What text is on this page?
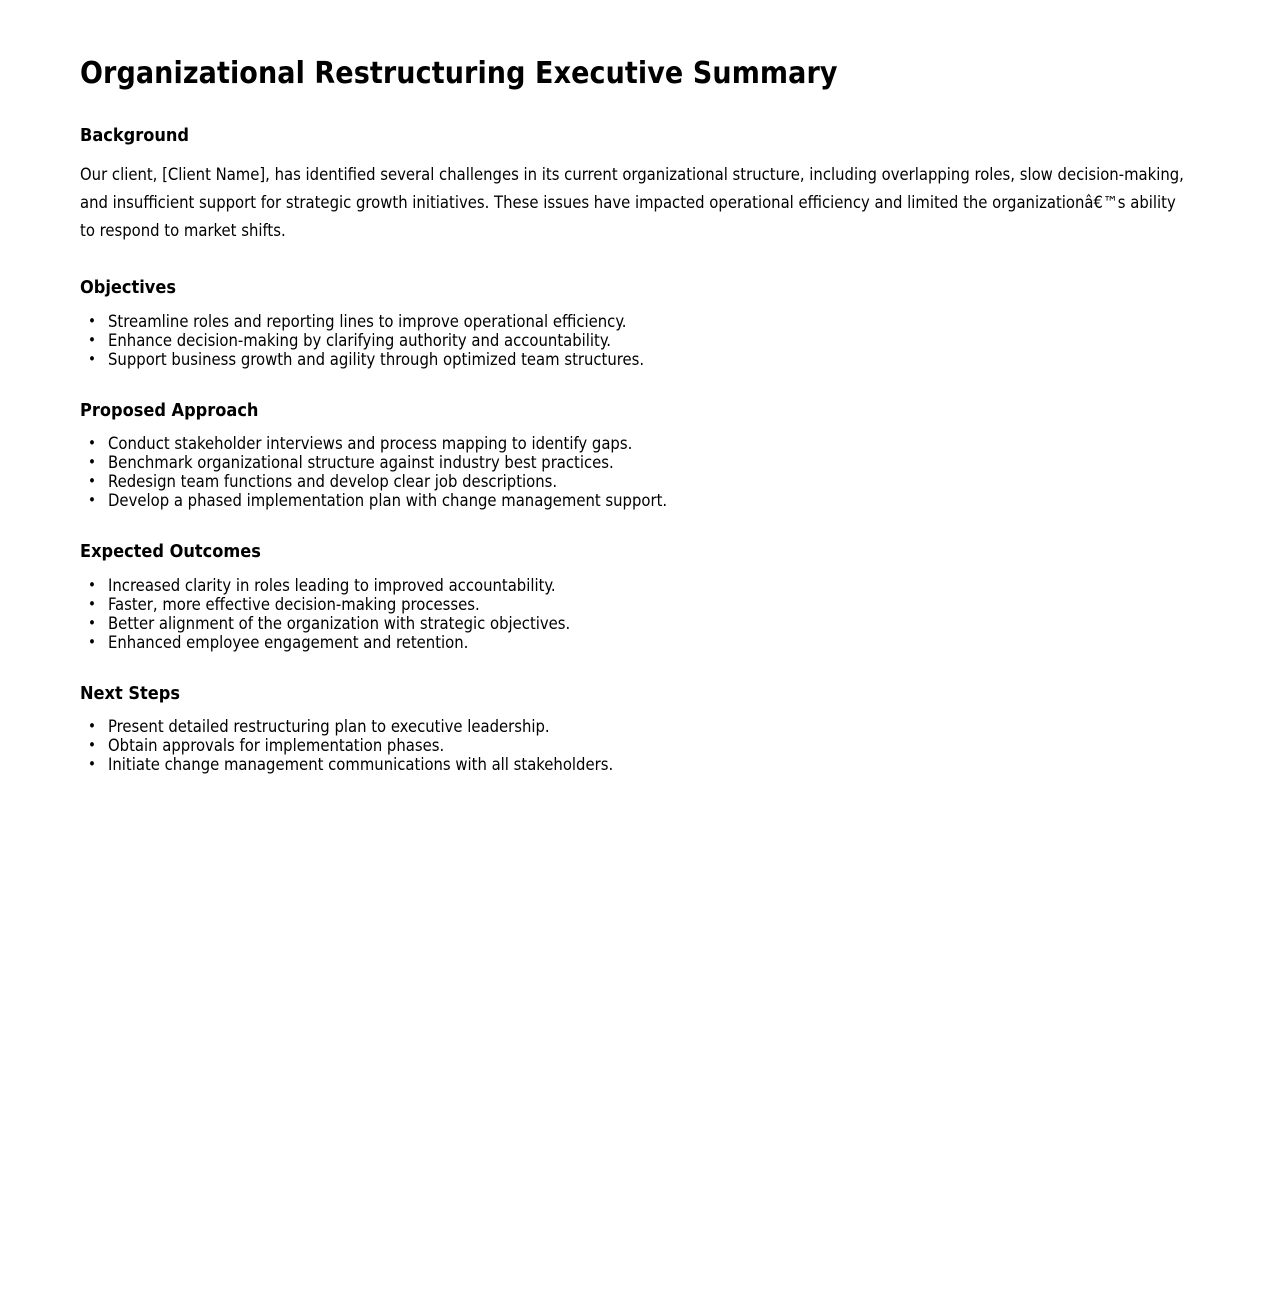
Organizational Restructuring Executive Summary
Background

Our client, [Client Name], has identified several challenges in its current organizational structure, including overlapping roles, slow decision-making, and insufficient support for strategic growth initiatives. These issues have impacted operational efficiency and limited the organizationâ€™s ability to respond to market shifts.

Objectives
• Streamline roles and reporting lines to improve operational efficiency.
• Enhance decision-making by clarifying authority and accountability.
• Support business growth and agility through optimized team structures.
Proposed Approach
• Conduct stakeholder interviews and process mapping to identify gaps.
• Benchmark organizational structure against industry best practices.
• Redesign team functions and develop clear job descriptions.
• Develop a phased implementation plan with change management support.
Expected Outcomes
• Increased clarity in roles leading to improved accountability.
• Faster, more effective decision-making processes.
• Better alignment of the organization with strategic objectives.
• Enhanced employee engagement and retention.
Next Steps
• Present detailed restructuring plan to executive leadership.
• Obtain approvals for implementation phases.
• Initiate change management communications with all stakeholders.
